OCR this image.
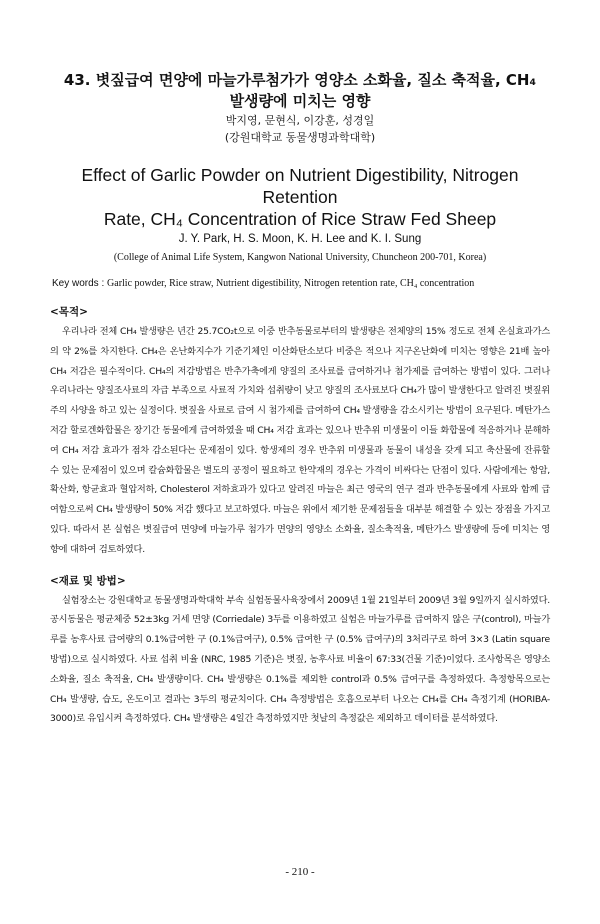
43. 볏짚급여 면양에 마늘가루첨가가 영양소 소화율, 질소 축적율, CH₄
발생량에 미치는 영향
박지영, 문현식, 이강훈, 성경일
(강원대학교 동물생명과학대학)
Effect of Garlic Powder on Nutrient Digestibility, Nitrogen Retention
Rate, CH₄ Concentration of Rice Straw Fed Sheep
J. Y. Park, H. S. Moon, K. H. Lee and K. I. Sung
(College of Animal Life System, Kangwon National University, Chuncheon 200-701, Korea)
Key words : Garlic powder, Rice straw, Nutrient digestibility, Nitrogen retention rate, CH₄ concentration
<목적>

우리나라 전체 CH₄ 발생량은 년간 25.7CO₂t으로 이중 반추동물로부터의 발생량은 전체양의 15% 정도로 전체 온실효과가스의 약 2%를 차지한다. CH₄은 온난화지수가 기준기체인 이산화탄소보다 비중은 적으나 지구온난화에 미치는 영향은 21배 높아 CH₄ 저감은 필수적이다. CH₄의 저감방법은 반추가축에게 양질의 조사료를 급여하거나 첨가제를 급여하는 방법이 있다. 그러나 우리나라는 양질조사료의 자급 부족으로 사료적 가치와 섭취량이 낮고 양질의 조사료보다 CH₄가 많이 발생한다고 알려진 볏짚위주의 사양을 하고 있는 실정이다. 볏짚을 사료로 급여 시 첨가제를 급여하여 CH₄ 발생량을 감소시키는 방법이 요구된다. 메탄가스 저감 할로겐화합물은 장기간 동물에게 급여하였을 때 CH₄ 저감 효과는 있으나 반추위 미생물이 이들 화합물에 적응하거나 분해하여 CH₄ 저감 효과가 점차 감소된다는 문제점이 있다. 항생제의 경우 반추위 미생물과 동물이 내성을 갖게 되고 축산물에 잔류할 수 있는 문제점이 있으며 칼슘화합물은 별도의 공정이 필요하고 한약재의 경우는 가격이 비싸다는 단점이 있다. 사람에게는 항암, 확산화, 항균효과 혈압저하, Cholesterol 저하효과가 있다고 알려진 마늘은 최근 영국의 연구 결과 반추동물에게 사료와 함께 급여함으로써 CH₄ 발생량이 50% 저감 했다고 보고하였다. 마늘은 위에서 제기한 문제점들을 대부분 해결할 수 있는 장점을 가지고 있다. 따라서 본 실험은 볏짚급여 면양에 마늘가루 첨가가 면양의 영양소 소화율, 질소축적율, 메탄가스 발생량에 등에 미치는 영향에 대하여 검토하였다.

<재료 및 방법>

실험장소는 강원대학교 동물생명과학대학 부속 실험동물사육장에서 2009년 1월 21일부터 2009년 3월 9일까지 실시하였다. 공시동물은 평균체중 52±3kg 거세 면양 (Corriedale) 3두를 이용하였고 실험은 마늘가루를 급여하지 않은 구(control), 마늘가루를 농후사료 급여량의 0.1%급여한 구 (0.1%급여구), 0.5% 급여한 구 (0.5% 급여구)의 3처리구로 하여 3×3 (Latin square 방법)으로 실시하였다. 사료 섭취 비율 (NRC, 1985 기준)은 볏짚, 농후사료 비율이 67:33(건물 기준)이었다. 조사항목은 영양소 소화율, 질소 축적율, CH₄ 발생량이다. CH₄ 발생량은 0.1%를 제외한 control과 0.5% 급여구를 측정하였다. 측정항목으로는 CH₄ 발생량, 습도, 온도이고 결과는 3두의 평균치이다. CH₄ 측정방법은 호흡으로부터 나오는 CH₄를 CH₄ 측정기계 (HORIBA-3000)로 유입시켜 측정하였다. CH₄ 발생량은 4일간 측정하였지만 첫날의 측정값은 제외하고 데이터를 분석하였다.

- 210 -
